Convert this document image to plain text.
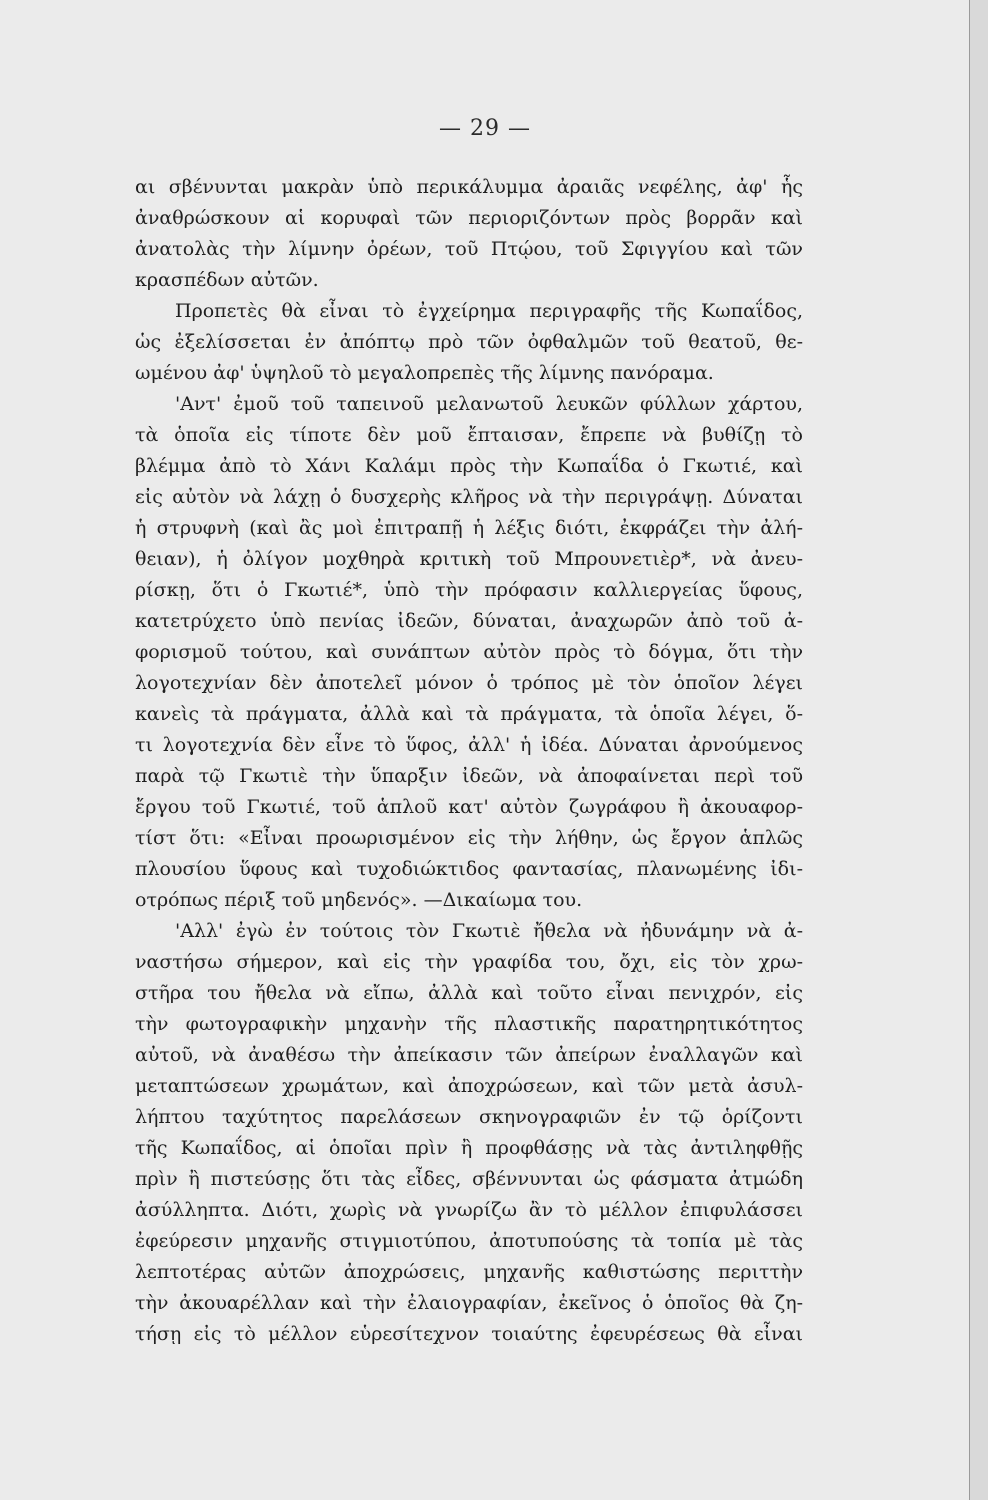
— 29 —
αι σβένυνται μακρὰν ὑπὸ περικάλυμμα ἀραιᾶς νεφέλης, ἀφ' ἧς
ἀναθρώσκουν αἱ κορυφαὶ τῶν περιοριζόντων πρὸς βορρᾶν καὶ
ἀνατολὰς τὴν λίμνην ὀρέων, τοῦ Πτῴου, τοῦ Σφιγγίου καὶ τῶν
κρασπέδων αὐτῶν.
Προπετὲς θὰ εἶναι τὸ ἐγχείρημα περιγραφῆς τῆς Κωπαΐδος,
ὡς ἐξελίσσεται ἐν ἀπόπτῳ πρὸ τῶν ὀφθαλμῶν τοῦ θεατοῦ, θε-
ωμένου ἀφ' ὑψηλοῦ τὸ μεγαλοπρεπὲς τῆς λίμνης πανόραμα.
'Αντ' ἐμοῦ τοῦ ταπεινοῦ μελανωτοῦ λευκῶν φύλλων χάρτου,
τὰ ὁποῖα εἰς τίποτε δὲν μοῦ ἔπταισαν, ἔπρεπε νὰ βυθίζῃ τὸ
βλέμμα ἀπὸ τὸ Χάνι Καλάμι πρὸς τὴν Κωπαΐδα ὁ Γκωτιέ, καὶ
εἰς αὐτὸν νὰ λάχῃ ὁ δυσχερὴς κλῆρος νὰ τὴν περιγράψῃ. Δύναται
ἡ στρυφνὴ (καὶ ἂς μοὶ ἐπιτραπῇ ἡ λέξις διότι, ἐκφράζει τὴν ἀλή-
θειαν), ἡ ὀλίγον μοχθηρὰ κριτικὴ τοῦ Μπρουνετιὲρ*, νὰ ἀνευ-
ρίσκῃ, ὅτι ὁ Γκωτιέ*, ὑπὸ τὴν πρόφασιν καλλιεργείας ὕφους,
κατετρύχετο ὑπὸ πενίας ἰδεῶν, δύναται, ἀναχωρῶν ἀπὸ τοῦ ἀ-
φορισμοῦ τούτου, καὶ συνάπτων αὐτὸν πρὸς τὸ δόγμα, ὅτι τὴν
λογοτεχνίαν δὲν ἀποτελεῖ μόνον ὁ τρόπος μὲ τὸν ὁποῖον λέγει
κανεὶς τὰ πράγματα, ἀλλὰ καὶ τὰ πράγματα, τὰ ὁποῖα λέγει, ὅ-
τι λογοτεχνία δὲν εἶνε τὸ ὕφος, ἀλλ' ἡ ἰδέα. Δύναται ἀρνούμενος
παρὰ τῷ Γκωτιὲ τὴν ὕπαρξιν ἰδεῶν, νὰ ἀποφαίνεται περὶ τοῦ
ἔργου τοῦ Γκωτιέ, τοῦ ἁπλοῦ κατ' αὐτὸν ζωγράφου ἢ ἀκουαφορ-
τίστ ὅτι: «Εἶναι προωρισμένον εἰς τὴν λήθην, ὡς ἔργον ἁπλῶς
πλουσίου ὕφους καὶ τυχοδιώκτιδος φαντασίας, πλανωμένης ἰδι-
οτρόπως πέριξ τοῦ μηδενός». —Δικαίωμα του.
'Αλλ' ἐγὼ ἐν τούτοις τὸν Γκωτιὲ ἤθελα νὰ ἠδυνάμην νὰ ἀ-
ναστήσω σήμερον, καὶ εἰς τὴν γραφίδα του, ὄχι, εἰς τὸν χρω-
στῆρα του ἤθελα νὰ εἴπω, ἀλλὰ καὶ τοῦτο εἶναι πενιχρόν, εἰς
τὴν φωτογραφικὴν μηχανὴν τῆς πλαστικῆς παρατηρητικότητος
αὐτοῦ, νὰ ἀναθέσω τὴν ἀπείκασιν τῶν ἀπείρων ἐναλλαγῶν καὶ
μεταπτώσεων χρωμάτων, καὶ ἀποχρώσεων, καὶ τῶν μετὰ ἀσυλ-
λήπτου ταχύτητος παρελάσεων σκηνογραφιῶν ἐν τῷ ὁρίζοντι
τῆς Κωπαΐδος, αἱ ὁποῖαι πρὶν ἢ προφθάσῃς νὰ τὰς ἀντιληφθῇς
πρὶν ἢ πιστεύσῃς ὅτι τὰς εἶδες, σβέννυνται ὡς φάσματα ἀτμώδη
ἀσύλληπτα. Διότι, χωρὶς νὰ γνωρίζω ἂν τὸ μέλλον ἐπιφυλάσσει
ἐφεύρεσιν μηχανῆς στιγμιοτύπου, ἀποτυπούσης τὰ τοπία μὲ τὰς
λεπτοτέρας αὐτῶν ἀποχρώσεις, μηχανῆς καθιστώσης περιττὴν
τὴν ἀκουαρέλλαν καὶ τὴν ἐλαιογραφίαν, ἐκεῖνος ὁ ὁποῖος θὰ ζη-
τήσῃ εἰς τὸ μέλλον εὑρεσίτεχνον τοιαύτης ἐφευρέσεως θὰ εἶναι
